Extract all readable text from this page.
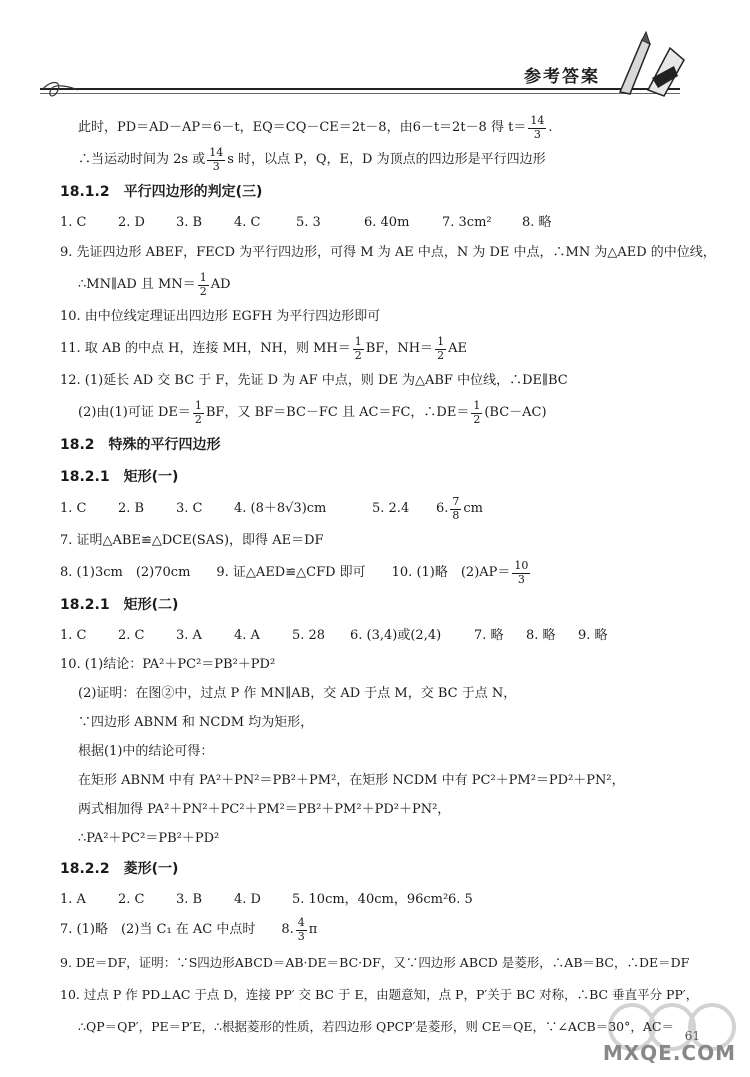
参考答案
此时，PD＝AD－AP＝6－t，EQ＝CQ－CE＝2t－8，由6－t＝2t－8 得 $t= \frac{14}{3}$ .
∴当运动时间为 2s 或 $\frac{14}{3}$ s 时，以点 P，Q，E，D 为顶点的四边形是平行四边形
18.1.2　平行四边形的判定(三)
1. C	2. D	3. B	4. C	5. 3	6. 40m	7. 3cm²	8. 略
9. 先证四边形 ABEF，FECD 为平行四边形，可得 M 为 AE 中点，N 为 DE 中点，∴MN 为△AED 的中位线，
∴MN∥AD 且 $MN= \frac{1}{2}$ AD
10. 由中位线定理证出四边形 EGFH 为平行四边形即可
11. 取 AB 的中点 H，连接 MH，NH，则 $MH= \frac{1}{2}$ BF，$NH= \frac{1}{2}$ AE
12. (1)延长 AD 交 BC 于 F，先证 D 为 AF 中点，则 DE 为△ABF 中位线，∴DE∥BC
(2)由(1)可证 $DE= \frac{1}{2}$ BF，又 BF＝BC－FC 且 AC＝FC，∴DE＝ $\frac{1}{2} (BC-AC)$
18.2　特殊的平行四边形
18.2.1　矩形(一)
1. C	2. B	3. C	4. (8＋8√3)cm	5. 2.4	6. $\frac{7}{8}$ cm
7. 证明△ABE≌△DCE(SAS)，即得 AE＝DF
8. (1)3cm　(2)70cm　　9. 证△AED≌△CFD 即可　　10. (1)略　$(2)AP= \frac{10}{3}$
18.2.1　矩形(二)
1. C	2. C	3. A	4. A	5. 28	6. (3,4)或(2,4)	7. 略	8. 略	9. 略
10. (1)结论：PA²＋PC²＝PB²＋PD²
(2)证明：在图②中，过点 P 作 MN∥AB，交 AD 于点 M，交 BC 于点 N，
∵四边形 ABNM 和 NCDM 均为矩形，
根据(1)中的结论可得：
在矩形 ABNM 中有 PA²＋PN²＝PB²＋PM²，在矩形 NCDM 中有 PC²＋PM²＝PD²＋PN²，
两式相加得 PA²＋PN²＋PC²＋PM²＝PB²＋PM²＋PD²＋PN²，
∴PA²＋PC²＝PB²＋PD²
18.2.2　菱形(一)
1. A	2. C	3. B	4. D	5. 10cm，40cm，96cm² 6. 5
7. (1)略　(2)当 C₁ 在 AC 中点时　　8. $\frac{4}{3}$ π
9. DE＝DF，证明：∵S四边形ABCD＝AB·DE＝BC·DF，又∵四边形 ABCD 是菱形，∴AB＝BC，∴DE＝DF
10. 过点 P 作 PD⊥AC 于点 D，连接 PP′ 交 BC 于 E，由题意知，点 P，P′关于 BC 对称，∴BC 垂直平分 PP′，
∴QP＝QP′，PE＝P′E，∴根据菱形的性质，若四边形 QPCP′是菱形，则 CE＝QE，∵∠ACB＝30°，AC＝
MXQE.COM
61
